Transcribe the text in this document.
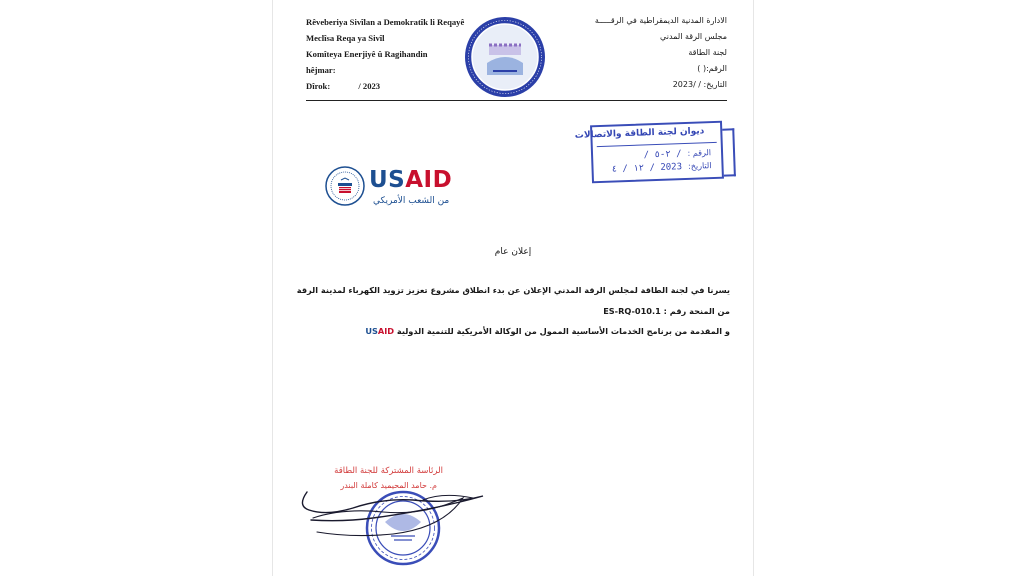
Rêveberiya Sivîlan a Demokratîk li Reqayê
Meclîsa Reqa ya Sivîl
Komîteya Enerjiyê û Ragihandin
hêjmar:
Dîrok:	/ 2023
الادارة المدنية الديمقراطية في الرقـــــة
مجلس الرقة المدني
لجنة الطاقة
الرقم:( )
التاريخ: / /2023
ديوان لجنة الطاقة والاتصالات
الرقم :/ ٢-٥ /
التاريخ:2023 / ١٢ / ٤
USAID
من الشعب الأمريكي
إعلان عام
يسرنا في لجنة الطاقة لمجلس الرقة المدني الإعلان عن بدء انطلاق مشروع تعزيز تزويد الكهرباء لمدينة الرقة
من المنحة رقم : ES-RQ-010.1
و المقدمة من برنامج الخدمات الأساسية الممول من الوكالة الأمريكية للتنمية الدولية USAID
الرئاسة المشتركة للجنة الطاقة
م. حامد المحيميد كاملة البندر
